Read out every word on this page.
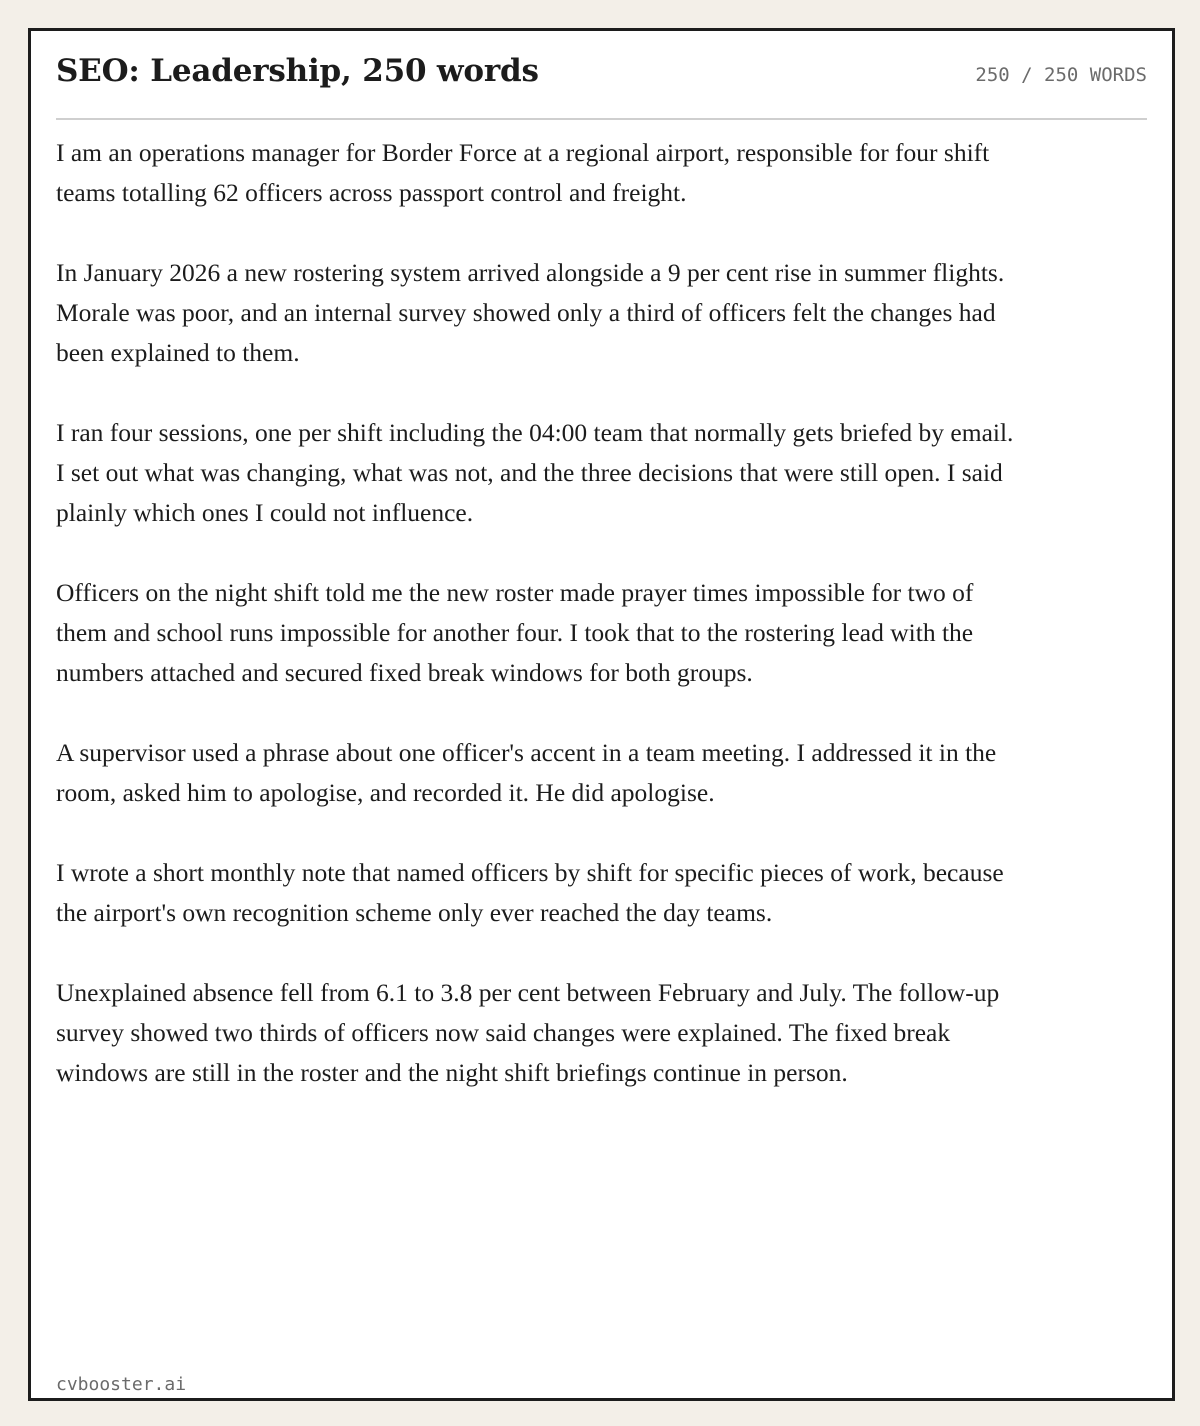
SEO: Leadership, 250 words	250 / 250 WORDS

I am an operations manager for Border Force at a regional airport, responsible for four shift teams totalling 62 officers across passport control and freight.

In January 2026 a new rostering system arrived alongside a 9 per cent rise in summer flights. Morale was poor, and an internal survey showed only a third of officers felt the changes had been explained to them.

I ran four sessions, one per shift including the 04:00 team that normally gets briefed by email. I set out what was changing, what was not, and the three decisions that were still open. I said plainly which ones I could not influence.

Officers on the night shift told me the new roster made prayer times impossible for two of them and school runs impossible for another four. I took that to the rostering lead with the numbers attached and secured fixed break windows for both groups.

A supervisor used a phrase about one officer's accent in a team meeting. I addressed it in the room, asked him to apologise, and recorded it. He did apologise.

I wrote a short monthly note that named officers by shift for specific pieces of work, because the airport's own recognition scheme only ever reached the day teams.

Unexplained absence fell from 6.1 to 3.8 per cent between February and July. The follow-up survey showed two thirds of officers now said changes were explained. The fixed break windows are still in the roster and the night shift briefings continue in person.

cvbooster.ai
